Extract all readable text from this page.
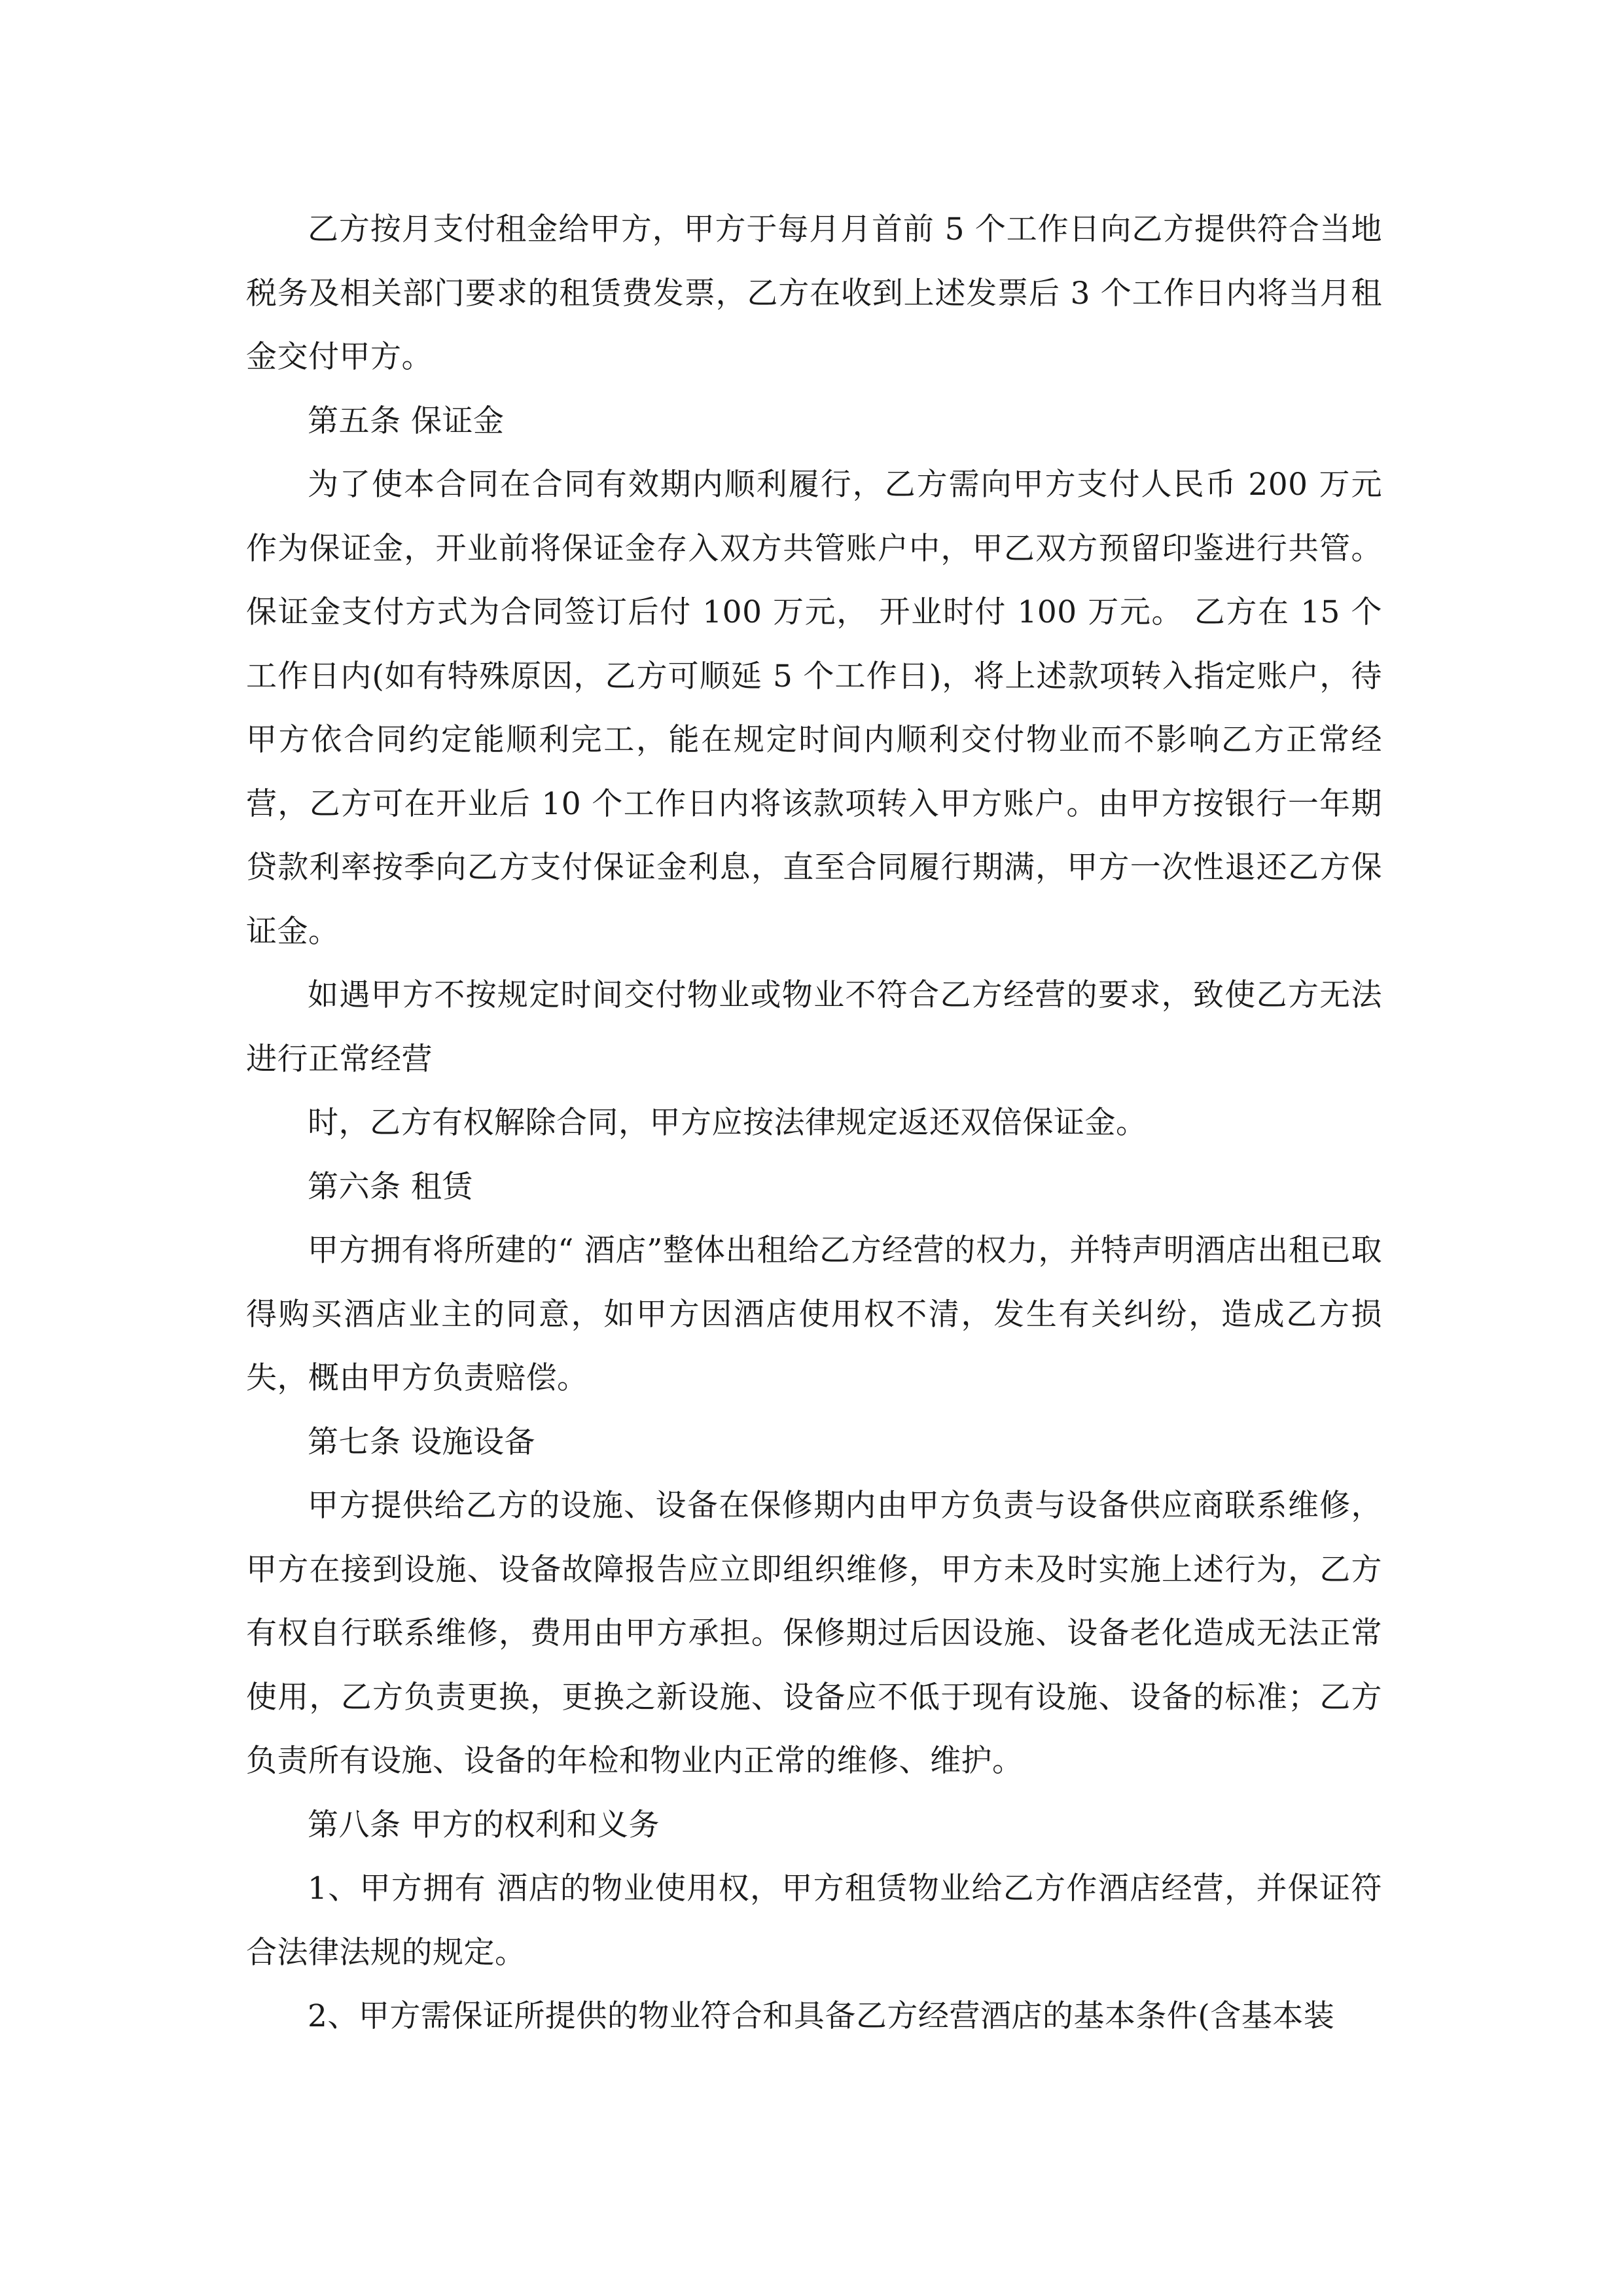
乙方按月支付租金给甲方，甲方于每月月首前 5 个工作日向乙方提供符合当地税务及相关部门要求的租赁费发票，乙方在收到上述发票后 3 个工作日内将当月租金交付甲方。

第五条 保证金

为了使本合同在合同有效期内顺利履行，乙方需向甲方支付人民币 200 万元作为保证金，开业前将保证金存入双方共管账户中，甲乙双方预留印鉴进行共管。保证金支付方式为合同签订后付 100 万元， 开业时付 100 万元。 乙方在 15 个工作日内(如有特殊原因，乙方可顺延 5 个工作日)，将上述款项转入指定账户，待甲方依合同约定能顺利完工，能在规定时间内顺利交付物业而不影响乙方正常经营，乙方可在开业后 10 个工作日内将该款项转入甲方账户。由甲方按银行一年期贷款利率按季向乙方支付保证金利息，直至合同履行期满，甲方一次性退还乙方保证金。

如遇甲方不按规定时间交付物业或物业不符合乙方经营的要求，致使乙方无法进行正常经营

时，乙方有权解除合同，甲方应按法律规定返还双倍保证金。

第六条 租赁

甲方拥有将所建的“ 酒店”整体出租给乙方经营的权力，并特声明酒店出租已取得购买酒店业主的同意，如甲方因酒店使用权不清，发生有关纠纷，造成乙方损失，概由甲方负责赔偿。

第七条 设施设备

甲方提供给乙方的设施、设备在保修期内由甲方负责与设备供应商联系维修，甲方在接到设施、设备故障报告应立即组织维修，甲方未及时实施上述行为，乙方有权自行联系维修，费用由甲方承担。保修期过后因设施、设备老化造成无法正常使用，乙方负责更换，更换之新设施、设备应不低于现有设施、设备的标准；乙方负责所有设施、设备的年检和物业内正常的维修、维护。

第八条 甲方的权利和义务

1、甲方拥有 酒店的物业使用权，甲方租赁物业给乙方作酒店经营，并保证符合法律法规的规定。

2、甲方需保证所提供的物业符合和具备乙方经营酒店的基本条件(含基本装
